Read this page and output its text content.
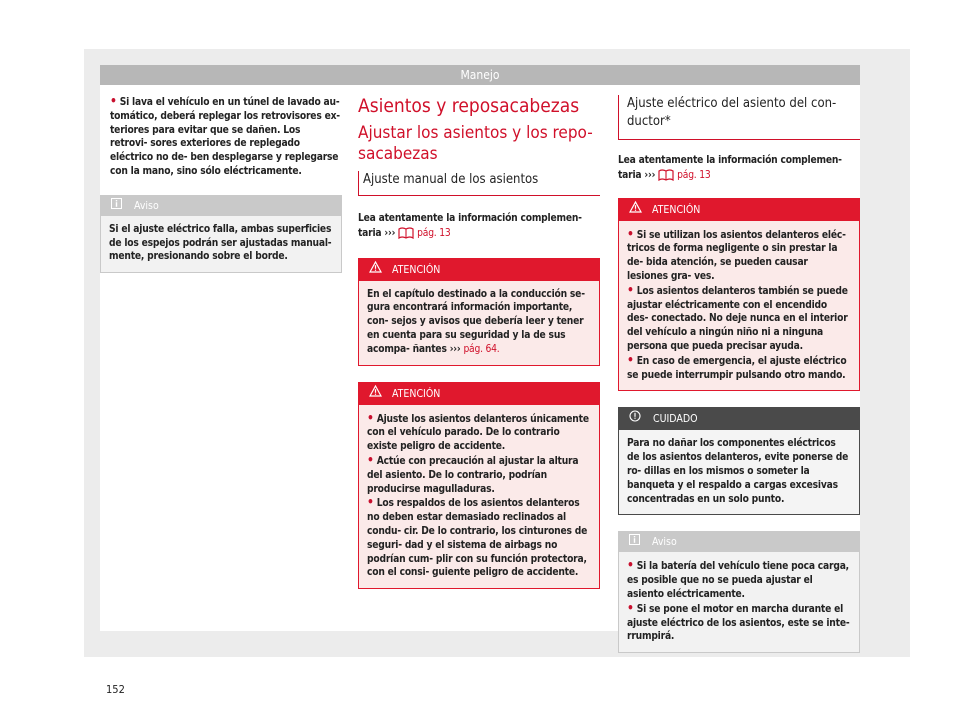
Manejo
• Si lava el vehículo en un túnel de lavado au- tomático, deberá replegar los retrovisores ex- teriores para evitar que se dañen. Los retrovi- sores exteriores de replegado eléctrico no de- ben desplegarse y replegarse con la mano, sino sólo eléctricamente.
Aviso
Si el ajuste eléctrico falla, ambas superficies de los espejos podrán ser ajustadas manual- mente, presionando sobre el borde.
Asientos y reposacabezas
Ajustar los asientos y los repo- sacabezas
Ajuste manual de los asientos
Lea atentamente la información complemen- taria ››› pág. 13
ATENCIÓN
En el capítulo destinado a la conducción se- gura encontrará información importante, con- sejos y avisos que debería leer y tener en cuenta para su seguridad y la de sus acompa- ñantes ››› pág. 64.
ATENCIÓN
• Ajuste los asientos delanteros únicamente con el vehículo parado. De lo contrario existe peligro de accidente.
• Actúe con precaución al ajustar la altura del asiento. De lo contrario, podrían producirse magulladuras.
• Los respaldos de los asientos delanteros no deben estar demasiado reclinados al condu- cir. De lo contrario, los cinturones de seguri- dad y el sistema de airbags no podrían cum- plir con su función protectora, con el consi- guiente peligro de accidente.
Ajuste eléctrico del asiento del con- ductor*
Lea atentamente la información complemen- taria ››› pág. 13
ATENCIÓN
• Si se utilizan los asientos delanteros eléc- tricos de forma negligente o sin prestar la de- bida atención, se pueden causar lesiones gra- ves.
• Los asientos delanteros también se puede ajustar eléctricamente con el encendido des- conectado. No deje nunca en el interior del vehículo a ningún niño ni a ninguna persona que pueda precisar ayuda.
• En caso de emergencia, el ajuste eléctrico se puede interrumpir pulsando otro mando.
CUIDADO
Para no dañar los componentes eléctricos de los asientos delanteros, evite ponerse de ro- dillas en los mismos o someter la banqueta y el respaldo a cargas excesivas concentradas en un solo punto.
Aviso
• Si la batería del vehículo tiene poca carga, es posible que no se pueda ajustar el asiento eléctricamente.
• Si se pone el motor en marcha durante el ajuste eléctrico de los asientos, este se inte- rrumpirá.
152
